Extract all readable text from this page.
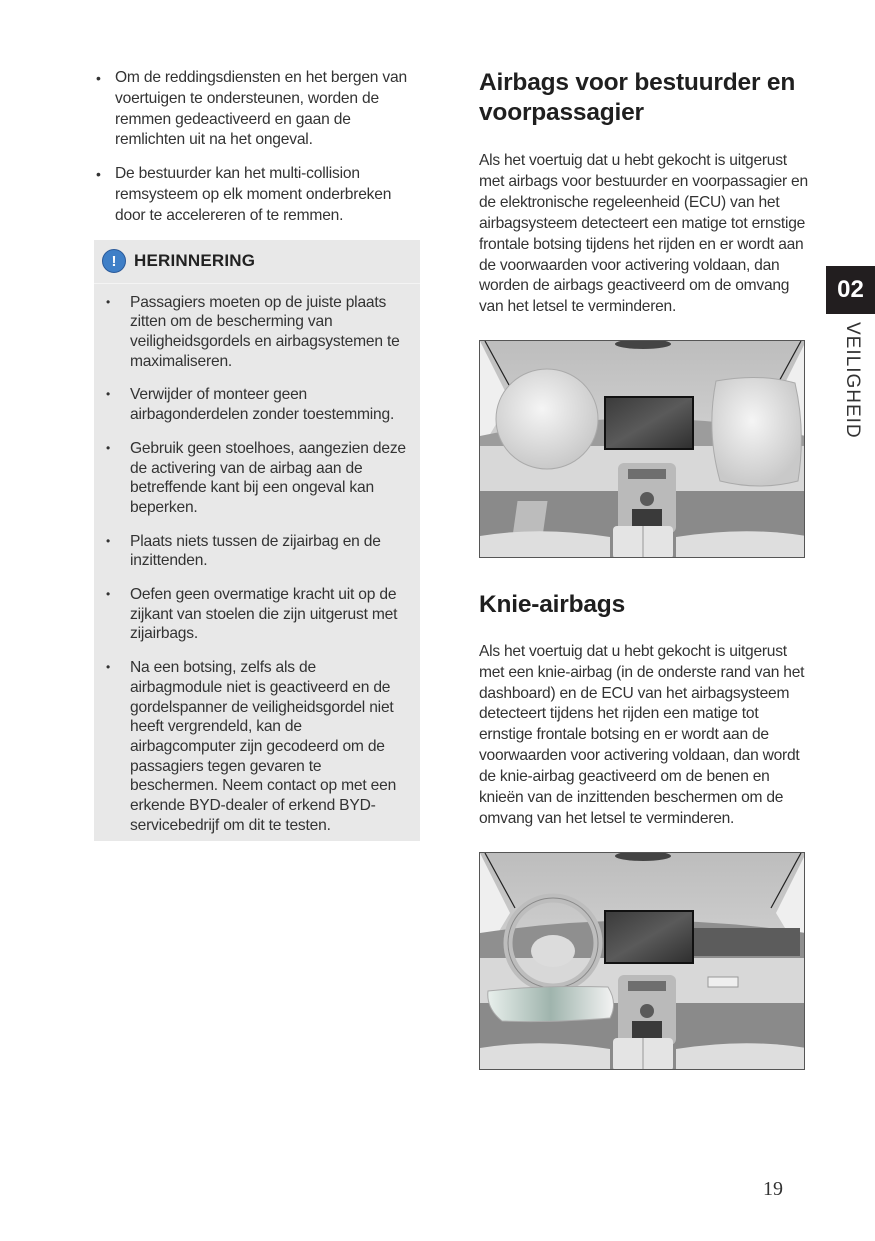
• Om de reddingsdiensten en het bergen van voertuigen te ondersteunen, worden de remmen gedeactiveerd en gaan de remlichten uit na het ongeval.
• De bestuurder kan het multi-collision remsysteem op elk moment onderbreken door te accelereren of te remmen.
!	HERINNERING
• Passagiers moeten op de juiste plaats zitten om de bescherming van veiligheidsgordels en airbagsystemen te maximaliseren.
• Verwijder of monteer geen airbagonderdelen zonder toestemming.
• Gebruik geen stoelhoes, aangezien deze de activering van de airbag aan de betreffende kant bij een ongeval kan beperken.
• Plaats niets tussen de zijairbag en de inzittenden.
• Oefen geen overmatige kracht uit op de zijkant van stoelen die zijn uitgerust met zijairbags.
• Na een botsing, zelfs als de airbagmodule niet is geactiveerd en de gordelspanner de veiligheidsgordel niet heeft vergrendeld, kan de airbagcomputer zijn gecodeerd om de passagiers tegen gevaren te beschermen. Neem contact op met een erkende BYD-dealer of erkend BYD-servicebedrijf om dit te testen.
Airbags voor bestuurder en voorpassagier

Als het voertuig dat u hebt gekocht is uitgerust met airbags voor bestuurder en voorpassagier en de elektronische regeleenheid (ECU) van het airbagsysteem detecteert een matige tot ernstige frontale botsing tijdens het rijden en er wordt aan de voorwaarden voor activering voldaan, dan worden de airbags geactiveerd om de omvang van het letsel te verminderen.

Knie-airbags

Als het voertuig dat u hebt gekocht is uitgerust met een knie-airbag (in de onderste rand van het dashboard) en de ECU van het airbagsysteem detecteert tijdens het rijden een matige tot ernstige frontale botsing en er wordt aan de voorwaarden voor activering voldaan, dan wordt de knie-airbag geactiveerd om de benen en knieën van de inzittenden beschermen om de omvang van het letsel te verminderen.

02
VEILIGHEID
19
